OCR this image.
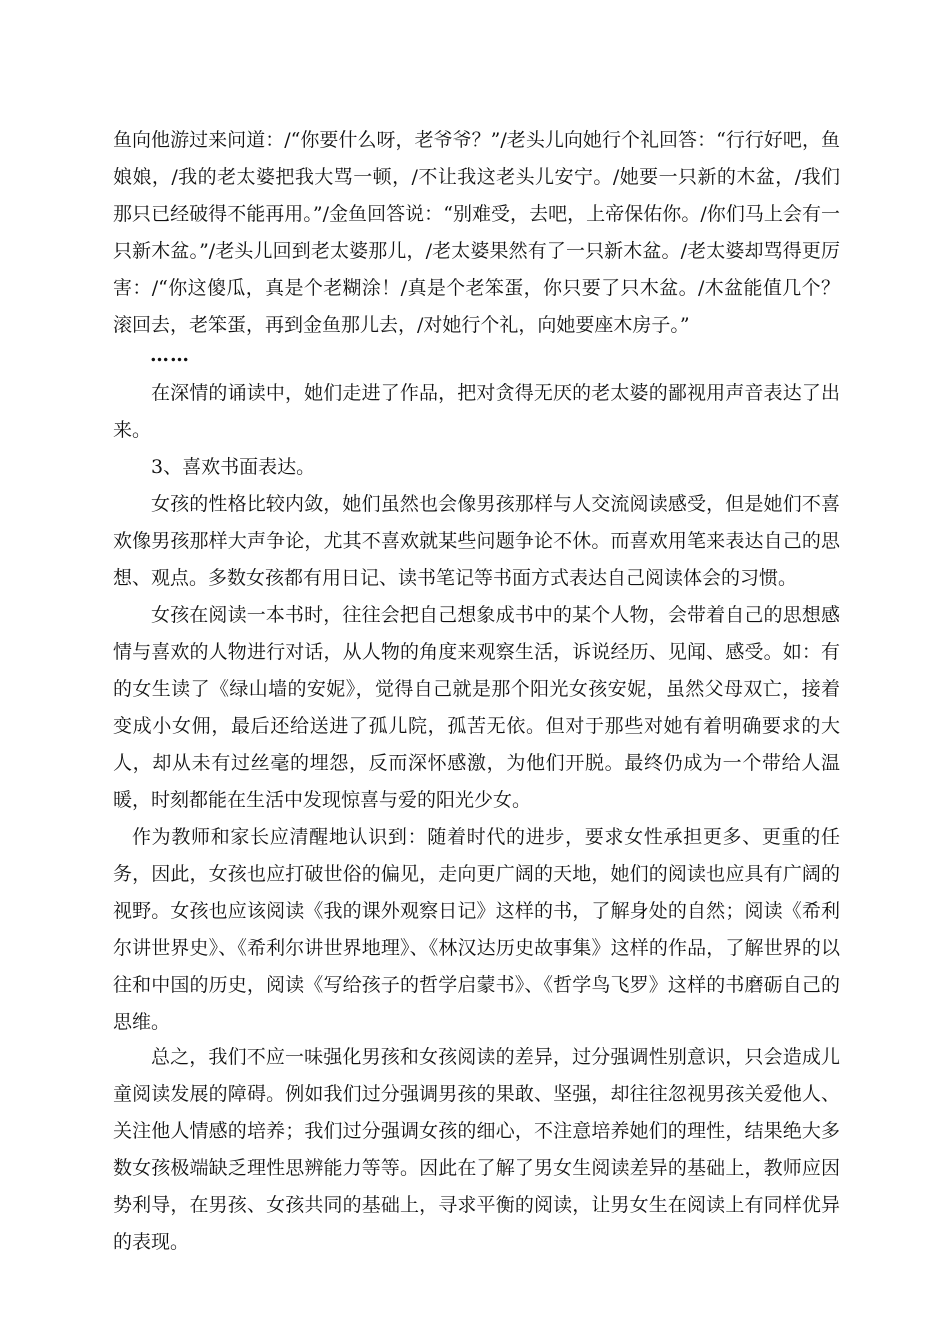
鱼向他游过来问道：/“你要什么呀，老爷爷？”/老头儿向她行个礼回答：“行行好吧，鱼娘娘，/我的老太婆把我大骂一顿，/不让我这老头儿安宁。/她要一只新的木盆，/我们那只已经破得不能再用。”/金鱼回答说：“别难受，去吧，上帝保佑你。/你们马上会有一只新木盆。”/老头儿回到老太婆那儿，/老太婆果然有了一只新木盆。/老太婆却骂得更厉害：/“你这傻瓜，真是个老糊涂！/真是个老笨蛋，你只要了只木盆。/木盆能值几个？滚回去，老笨蛋，再到金鱼那儿去，/对她行个礼，向她要座木房子。”

……

在深情的诵读中，她们走进了作品，把对贪得无厌的老太婆的鄙视用声音表达了出来。

3、喜欢书面表达。

女孩的性格比较内敛，她们虽然也会像男孩那样与人交流阅读感受，但是她们不喜欢像男孩那样大声争论，尤其不喜欢就某些问题争论不休。而喜欢用笔来表达自己的思想、观点。多数女孩都有用日记、读书笔记等书面方式表达自己阅读体会的习惯。

女孩在阅读一本书时，往往会把自己想象成书中的某个人物，会带着自己的思想感情与喜欢的人物进行对话，从人物的角度来观察生活，诉说经历、见闻、感受。如：有的女生读了《绿山墙的安妮》，觉得自己就是那个阳光女孩安妮，虽然父母双亡，接着变成小女佣，最后还给送进了孤儿院，孤苦无依。但对于那些对她有着明确要求的大人，却从未有过丝毫的埋怨，反而深怀感激，为他们开脱。最终仍成为一个带给人温暖，时刻都能在生活中发现惊喜与爱的阳光少女。

作为教师和家长应清醒地认识到：随着时代的进步，要求女性承担更多、更重的任务，因此，女孩也应打破世俗的偏见，走向更广阔的天地，她们的阅读也应具有广阔的视野。女孩也应该阅读《我的课外观察日记》这样的书，了解身处的自然；阅读《希利尔讲世界史》、《希利尔讲世界地理》、《林汉达历史故事集》这样的作品，了解世界的以往和中国的历史，阅读《写给孩子的哲学启蒙书》、《哲学鸟飞罗》这样的书磨砺自己的思维。

总之，我们不应一味强化男孩和女孩阅读的差异，过分强调性别意识，只会造成儿童阅读发展的障碍。例如我们过分强调男孩的果敢、坚强，却往往忽视男孩关爱他人、关注他人情感的培养；我们过分强调女孩的细心，不注意培养她们的理性，结果绝大多数女孩极端缺乏理性思辨能力等等。因此在了解了男女生阅读差异的基础上，教师应因势利导，在男孩、女孩共同的基础上，寻求平衡的阅读，让男女生在阅读上有同样优异的表现。
